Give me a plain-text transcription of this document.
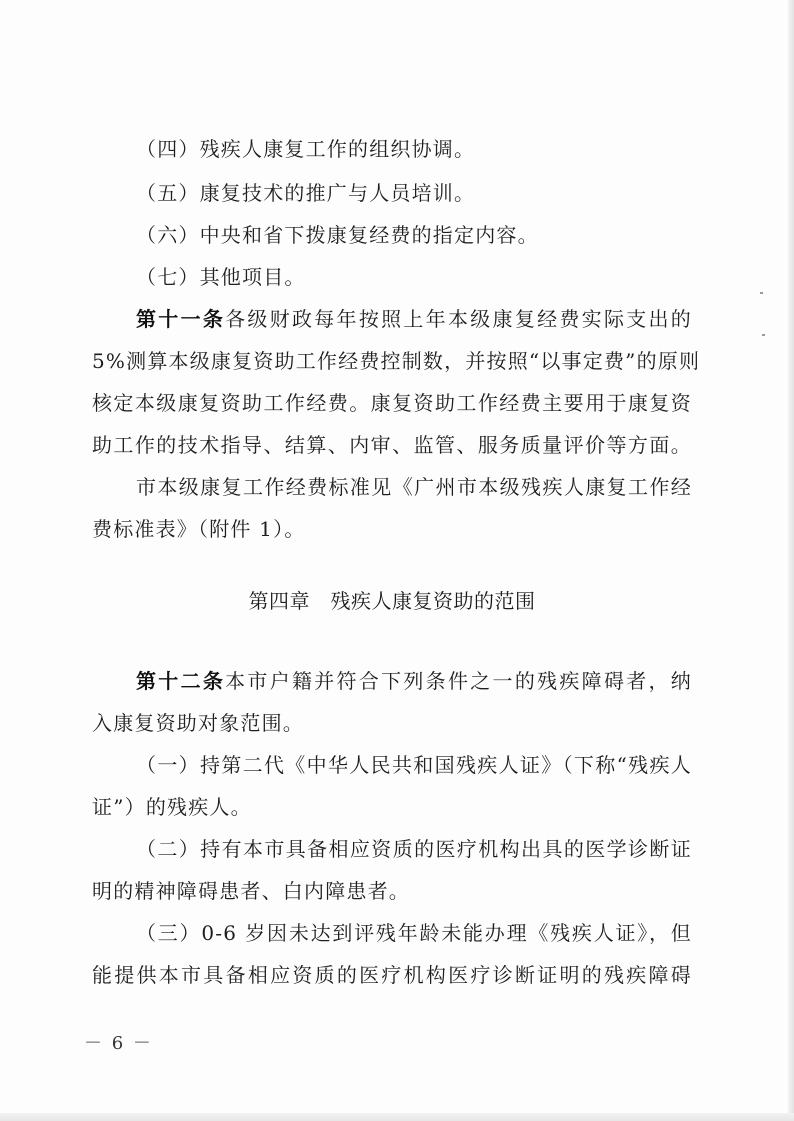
（四）残疾人康复工作的组织协调。
（五）康复技术的推广与人员培训。
（六）中央和省下拨康复经费的指定内容。
（七）其他项目。
第十一条各级财政每年按照上年本级康复经费实际支出的
5%测算本级康复资助工作经费控制数，并按照“以事定费”的原则
核定本级康复资助工作经费。康复资助工作经费主要用于康复资
助工作的技术指导、结算、内审、监管、服务质量评价等方面。
市本级康复工作经费标准见《广州市本级残疾人康复工作经
费标准表》（附件 1）。
第四章　残疾人康复资助的范围
第十二条本市户籍并符合下列条件之一的残疾障碍者，纳
入康复资助对象范围。
（一）持第二代《中华人民共和国残疾人证》（下称“残疾人
证”）的残疾人。
（二）持有本市具备相应资质的医疗机构出具的医学诊断证
明的精神障碍患者、白内障患者。
（三）0-6 岁因未达到评残年龄未能办理《残疾人证》，但
能提供本市具备相应资质的医疗机构医疗诊断证明的残疾障碍
－ 6 －
